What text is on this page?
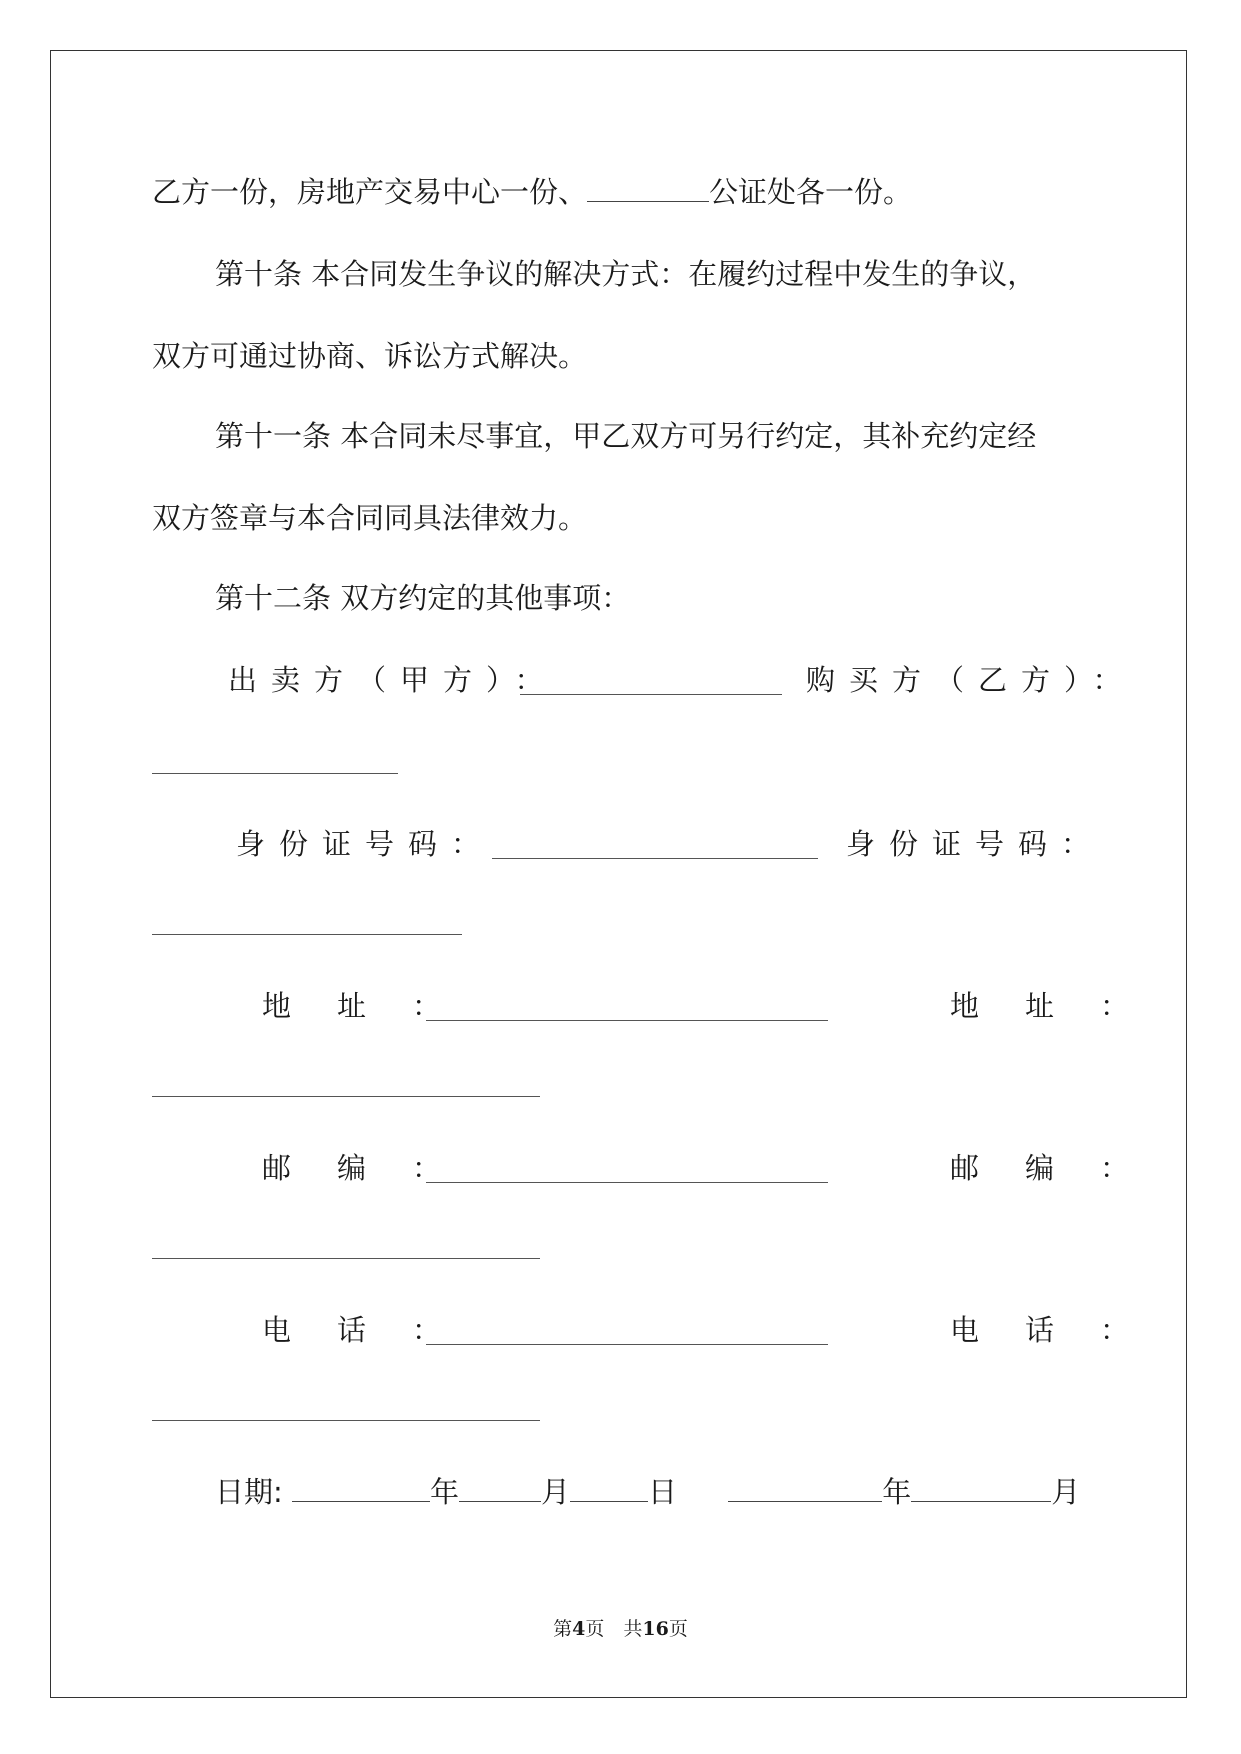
乙方一份，房地产交易中心一份、	公证处各一份。
第十条 本合同发生争议的解决方式：在履约过程中发生的争议，
双方可通过协商、诉讼方式解决。
第十一条 本合同未尽事宜，甲乙双方可另行约定，其补充约定经
双方签章与本合同同具法律效力。
第十二条 双方约定的其他事项：
出卖方（甲方）：	购买方（乙方）：
身份证号码：	身份证号码：
地址：	地址：
邮编：	邮编：
电话：	电话：
日期:	年	月	日	年	月
第4页　共16页
